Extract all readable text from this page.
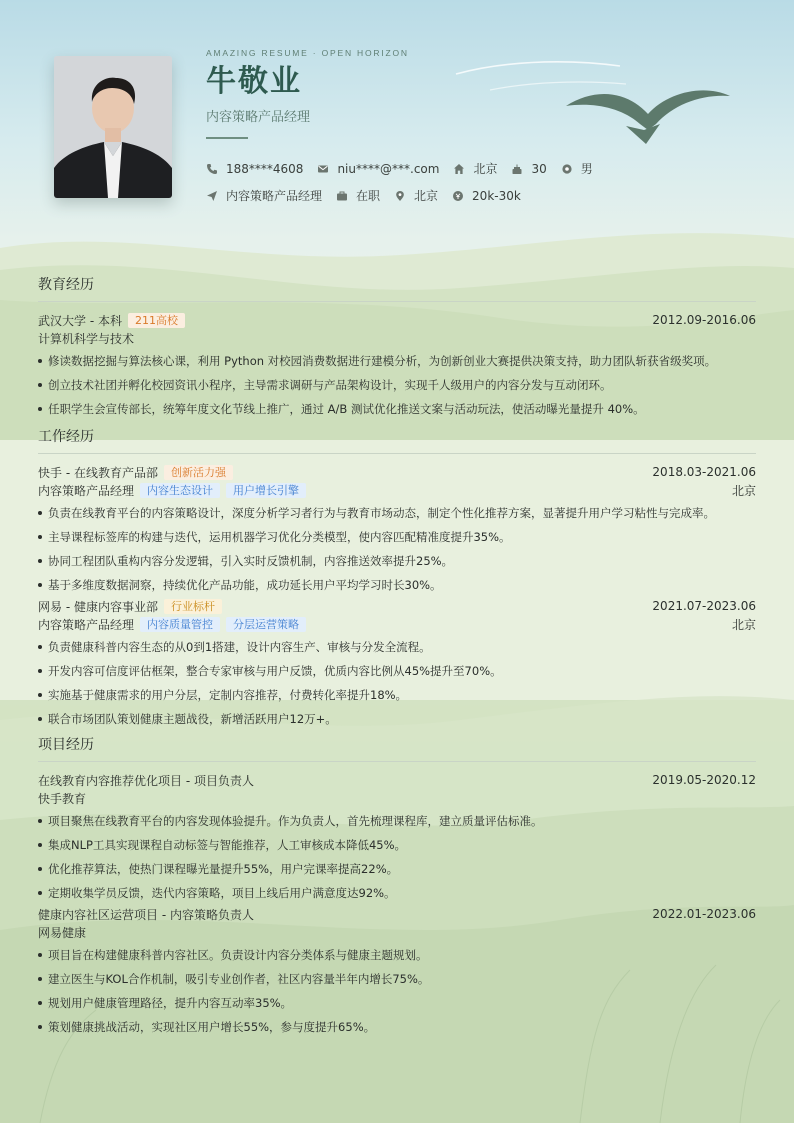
AMAZING RESUME · OPEN HORIZON
牛敬业
内容策略产品经理
188****4608	niu****@***.com	北京	30	男
内容策略产品经理	在职	北京	20k-30k
教育经历
武汉大学 - 本科	211高校	2012.09-2016.06
计算机科学与技术
修读数据挖掘与算法核心课，利用 Python 对校园消费数据进行建模分析，为创新创业大赛提供决策支持，助力团队斩获省级奖项。
创立技术社团并孵化校园资讯小程序，主导需求调研与产品架构设计，实现千人级用户的内容分发与互动闭环。
任职学生会宣传部长，统筹年度文化节线上推广，通过 A/B 测试优化推送文案与活动玩法，使活动曝光量提升 40%。
工作经历
快手 - 在线教育产品部	创新活力强	2018.03-2021.06
内容策略产品经理	内容生态设计	用户增长引擎	北京
负责在线教育平台的内容策略设计，深度分析学习者行为与教育市场动态，制定个性化推荐方案，显著提升用户学习粘性与完成率。
主导课程标签库的构建与迭代，运用机器学习优化分类模型，使内容匹配精准度提升35%。
协同工程团队重构内容分发逻辑，引入实时反馈机制，内容推送效率提升25%。
基于多维度数据洞察，持续优化产品功能，成功延长用户平均学习时长30%。
网易 - 健康内容事业部	行业标杆	2021.07-2023.06
内容策略产品经理	内容质量管控	分层运营策略	北京
负责健康科普内容生态的从0到1搭建，设计内容生产、审核与分发全流程。
开发内容可信度评估框架，整合专家审核与用户反馈，优质内容比例从45%提升至70%。
实施基于健康需求的用户分层，定制内容推荐，付费转化率提升18%。
联合市场团队策划健康主题战役，新增活跃用户12万+。
项目经历
在线教育内容推荐优化项目 - 项目负责人	2019.05-2020.12
快手教育
项目聚焦在线教育平台的内容发现体验提升。作为负责人，首先梳理课程库，建立质量评估标准。
集成NLP工具实现课程自动标签与智能推荐，人工审核成本降低45%。
优化推荐算法，使热门课程曝光量提升55%，用户完课率提高22%。
定期收集学员反馈，迭代内容策略，项目上线后用户满意度达92%。
健康内容社区运营项目 - 内容策略负责人	2022.01-2023.06
网易健康
项目旨在构建健康科普内容社区。负责设计内容分类体系与健康主题规划。
建立医生与KOL合作机制，吸引专业创作者，社区内容量半年内增长75%。
规划用户健康管理路径，提升内容互动率35%。
策划健康挑战活动，实现社区用户增长55%，参与度提升65%。
